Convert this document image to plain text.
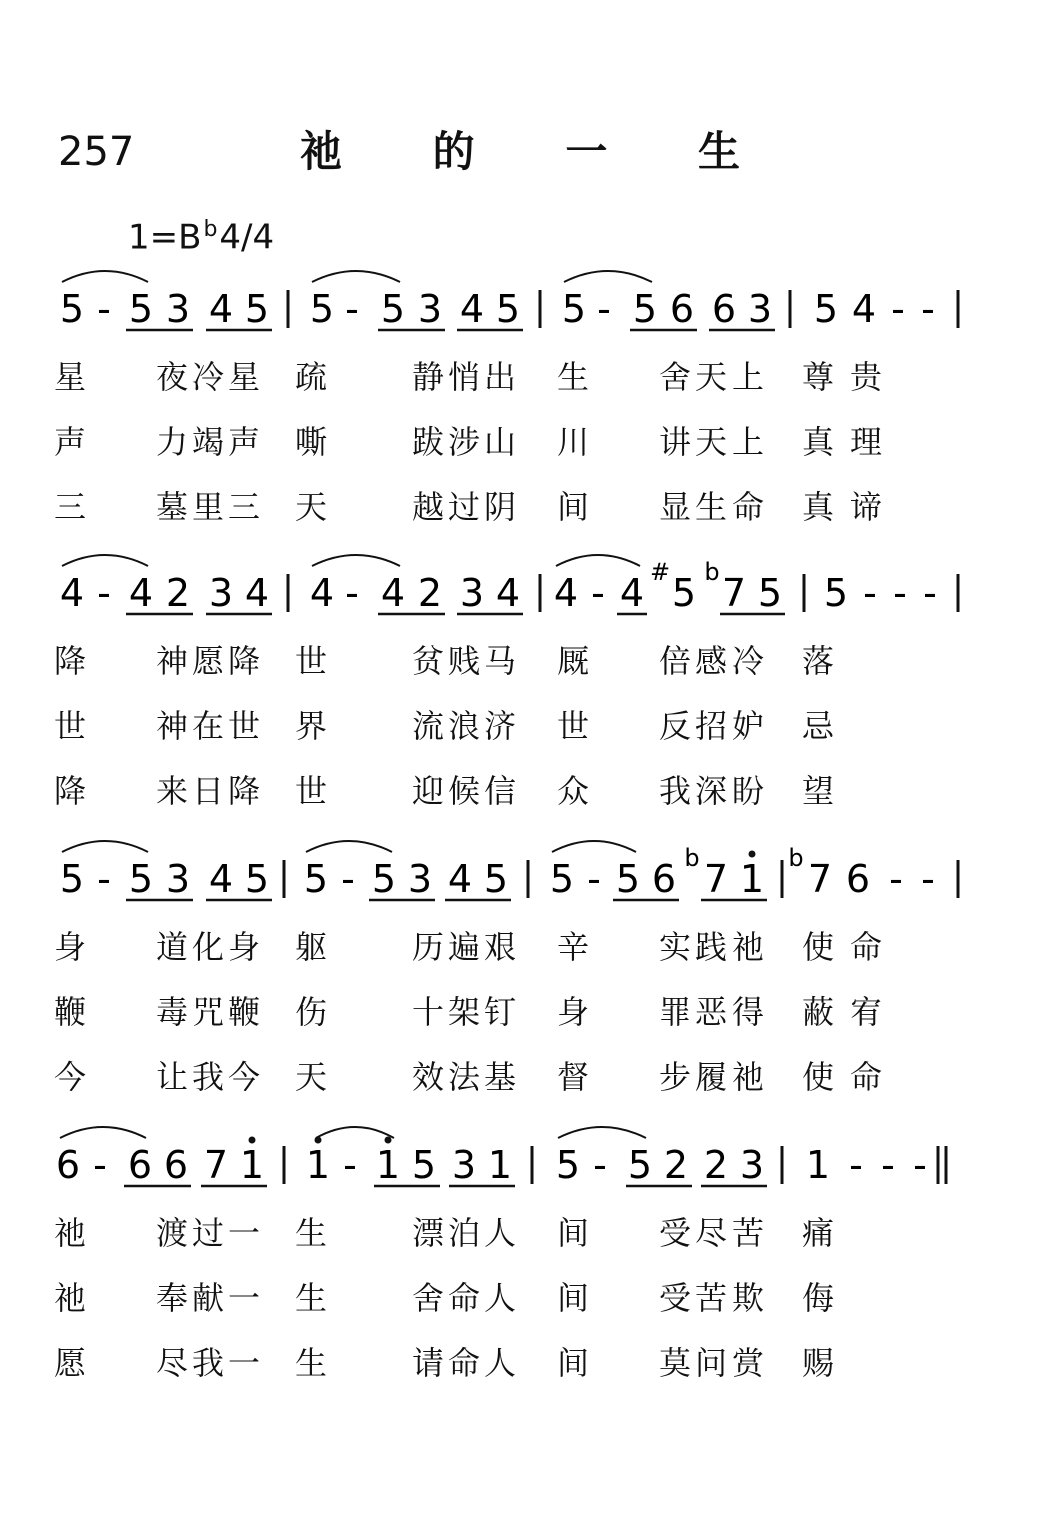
257	祂 的 一 生
$1=B^b4/4$
5 - 5 3 4 5 5 - 5 3 4 5 5 - 5 6 6 3 5 4 - -
星 夜 冷 星 疏	静 悄 出 生 舍 天 上 尊 贵
声 力 竭 声 嘶	跋 涉 山 川 讲 天 上 真 理
三 墓 里 三 天	越 过 阴 间 显 生 命 真 谛
4 - 4 2 3 4 4 - 4 2 3 4 4 - 4 # 5 b 7 5 5 - - -
降 神 愿 降 世	贫 贱 马 厩 倍 感 冷 落
世 神 在 世 界	流 浪 济 世 反 招 妒 忌
降 来 日 降 世	迎 候 信 众 我 深 盼 望
5 - 5 3 4 5 5 - 5 3 4 5 5 - 5 6 b 7 1 b 7 6 - -
身 道 化 身 躯	历 遍 艰 辛 实 践 祂 使 命
鞭 毒 咒 鞭 伤	十 架 钉 身 罪 恶 得 蔽 宥
今 让 我 今 天	效 法 基 督 步 履 祂 使 命
6 - 6 6 7 1 1 - 1 5 3 1 5 - 5 2 2 3 1 - - -
祂 渡 过 一 生	漂 泊 人 间 受 尽 苦 痛
祂 奉 献 一 生	舍 命 人 间 受 苦 欺 侮
愿 尽 我 一 生	请 命 人 间 莫 问 赏 赐
